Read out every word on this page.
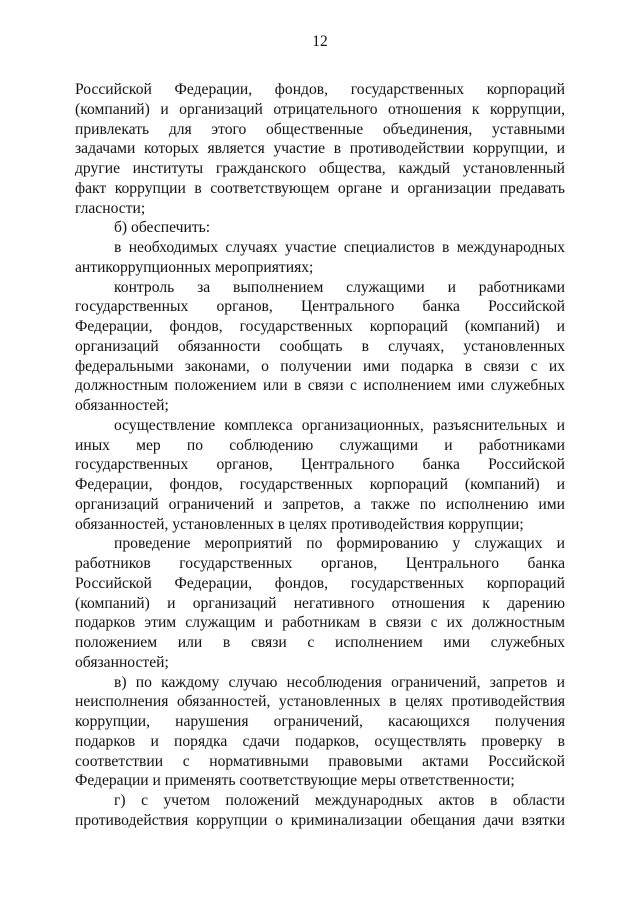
12
Российской Федерации, фондов, государственных корпораций
(компаний) и организаций отрицательного отношения к коррупции,
привлекать для этого общественные объединения, уставными
задачами которых является участие в противодействии коррупции, и
другие институты гражданского общества, каждый установленный
факт коррупции в соответствующем органе и организации предавать
гласности;
б) обеспечить:
в необходимых случаях участие специалистов в международных
антикоррупционных мероприятиях;
контроль за выполнением служащими и работниками
государственных органов, Центрального банка Российской
Федерации, фондов, государственных корпораций (компаний) и
организаций обязанности сообщать в случаях, установленных
федеральными законами, о получении ими подарка в связи с их
должностным положением или в связи с исполнением ими служебных
обязанностей;
осуществление комплекса организационных, разъяснительных и
иных мер по соблюдению служащими и работниками
государственных органов, Центрального банка Российской
Федерации, фондов, государственных корпораций (компаний) и
организаций ограничений и запретов, а также по исполнению ими
обязанностей, установленных в целях противодействия коррупции;
проведение мероприятий по формированию у служащих и
работников государственных органов, Центрального банка
Российской Федерации, фондов, государственных корпораций
(компаний) и организаций негативного отношения к дарению
подарков этим служащим и работникам в связи с их должностным
положением или в связи с исполнением ими служебных
обязанностей;
в) по каждому случаю несоблюдения ограничений, запретов и
неисполнения обязанностей, установленных в целях противодействия
коррупции, нарушения ограничений, касающихся получения
подарков и порядка сдачи подарков, осуществлять проверку в
соответствии с нормативными правовыми актами Российской
Федерации и применять соответствующие меры ответственности;
г) с учетом положений международных актов в области
противодействия коррупции о криминализации обещания дачи взятки
